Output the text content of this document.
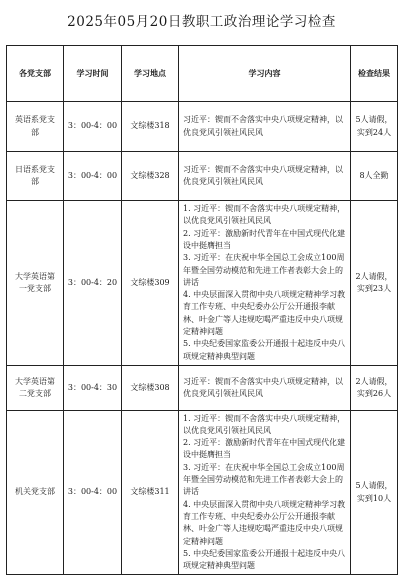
2025年05月20日教职工政治理论学习检查
各党支部	学习时间	学习地点	学习内容	检查结果
英语系党支部	3：00-4：00	文综楼318	习近平：锲而不舍落实中央八项规定精神，以优良党风引领社风民风	5人请假，实到24人
日语系党支部	3：00-4：00	文综楼328	习近平：锲而不舍落实中央八项规定精神，以优良党风引领社风民风	8人全勤
大学英语第一党支部	3：00-4：20	文综楼309	1. 习近平：锲而不舍落实中央八项规定精神，以优良党风引领社风民风
2. 习近平：激励新时代青年在中国式现代化建设中挺膺担当
3. 习近平：在庆祝中华全国总工会成立100周年暨全国劳动模范和先进工作者表彰大会上的讲话
4. 中央层面深入贯彻中央八项规定精神学习教育工作专班、中央纪委办公厅公开通报李献林、叶金广等人违规吃喝严重违反中央八项规定精神问题
5. 中央纪委国家监委公开通报十起违反中央八项规定精神典型问题	2人请假，实到23人
大学英语第二党支部	3：00-4：30	文综楼308	习近平：锲而不舍落实中央八项规定精神，以优良党风引领社风民风	2人请假，实到26人
机关党支部	3：00-4：00	文综楼311	1. 习近平：锲而不舍落实中央八项规定精神，以优良党风引领社风民风
2. 习近平：激励新时代青年在中国式现代化建设中挺膺担当
3. 习近平：在庆祝中华全国总工会成立100周年暨全国劳动模范和先进工作者表彰大会上的讲话
4. 中央层面深入贯彻中央八项规定精神学习教育工作专班、中央纪委办公厅公开通报李献林、叶金广等人违规吃喝严重违反中央八项规定精神问题
5. 中央纪委国家监委公开通报十起违反中央八项规定精神典型问题	5人请假，实到10人
